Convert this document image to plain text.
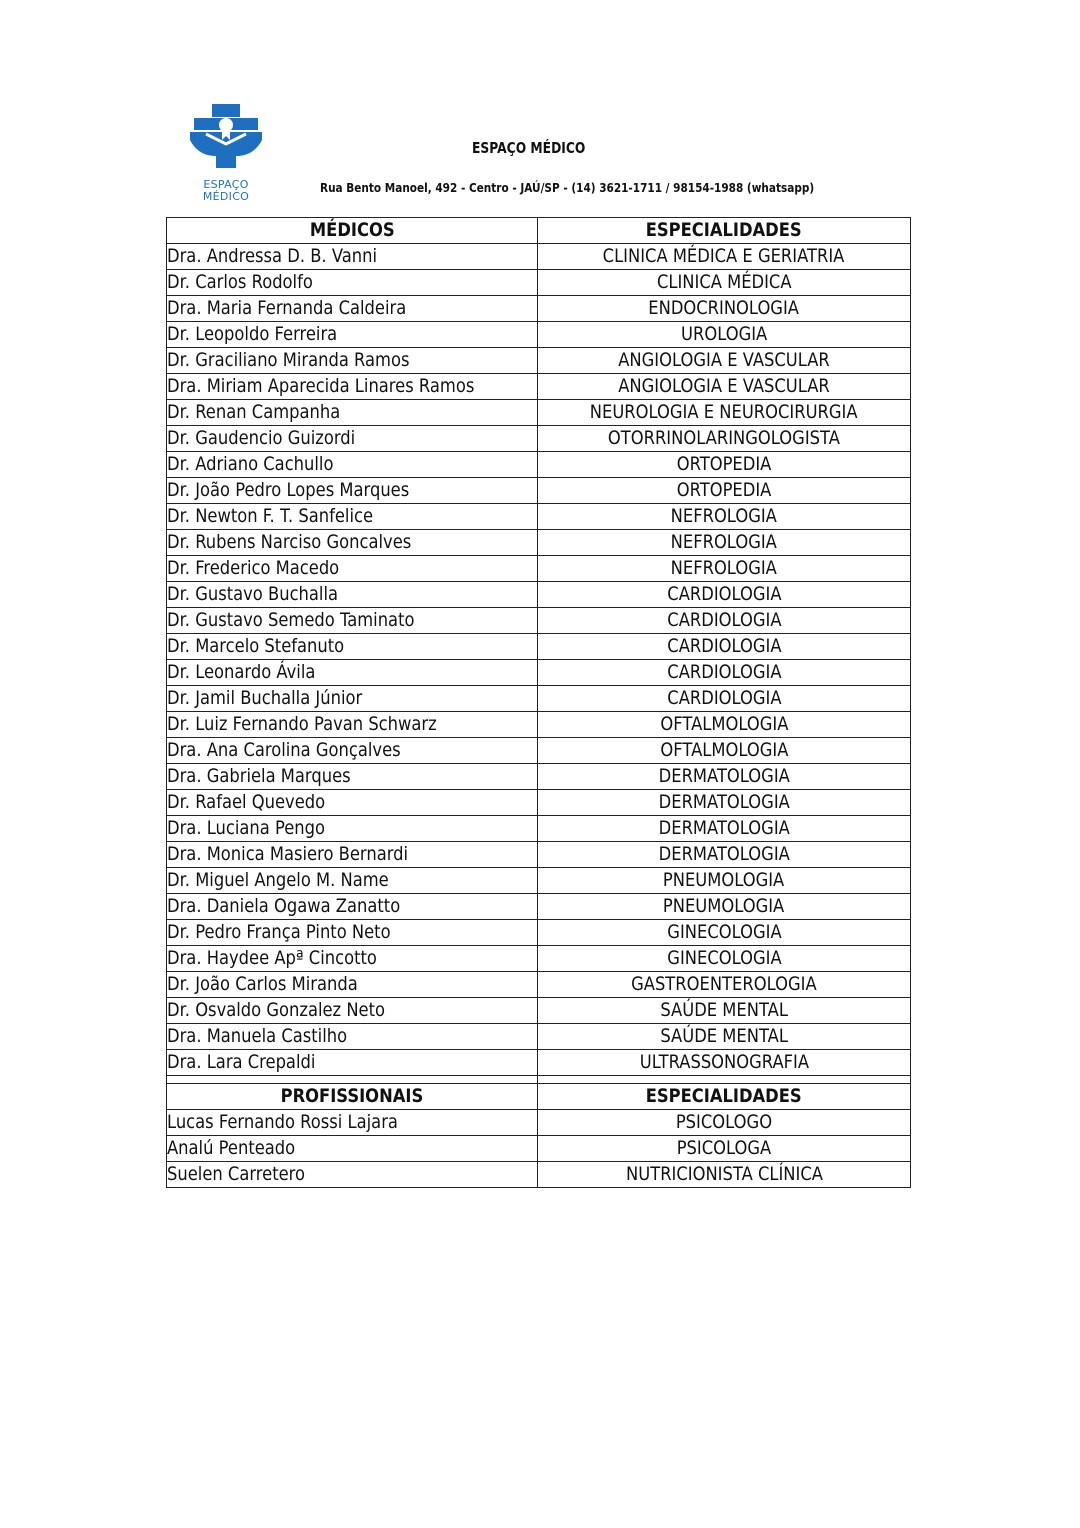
ESPAÇO
MÉDICO
ESPAÇO MÉDICO
Rua Bento Manoel, 492 - Centro - JAÚ/SP - (14) 3621-1711 / 98154-1988 (whatsapp)
MÉDICOS	ESPECIALIDADES
Dra. Andressa D. B. Vanni	CLINICA MÉDICA E GERIATRIA
Dr. Carlos Rodolfo	CLINICA MÉDICA
Dra. Maria Fernanda Caldeira	ENDOCRINOLOGIA
Dr. Leopoldo Ferreira	UROLOGIA
Dr. Graciliano Miranda Ramos	ANGIOLOGIA E VASCULAR
Dra. Miriam Aparecida Linares Ramos	ANGIOLOGIA E VASCULAR
Dr. Renan Campanha	NEUROLOGIA E NEUROCIRURGIA
Dr. Gaudencio Guizordi	OTORRINOLARINGOLOGISTA
Dr. Adriano Cachullo	ORTOPEDIA
Dr. João Pedro Lopes Marques	ORTOPEDIA
Dr. Newton F. T. Sanfelice	NEFROLOGIA
Dr. Rubens Narciso Goncalves	NEFROLOGIA
Dr. Frederico Macedo	NEFROLOGIA
Dr. Gustavo Buchalla	CARDIOLOGIA
Dr. Gustavo Semedo Taminato	CARDIOLOGIA
Dr. Marcelo Stefanuto	CARDIOLOGIA
Dr. Leonardo Ávila	CARDIOLOGIA
Dr. Jamil Buchalla Júnior	CARDIOLOGIA
Dr. Luiz Fernando Pavan Schwarz	OFTALMOLOGIA
Dra. Ana Carolina Gonçalves	OFTALMOLOGIA
Dra. Gabriela Marques	DERMATOLOGIA
Dr. Rafael Quevedo	DERMATOLOGIA
Dra. Luciana Pengo	DERMATOLOGIA
Dra. Monica Masiero Bernardi	DERMATOLOGIA
Dr. Miguel Angelo M. Name	PNEUMOLOGIA
Dra. Daniela Ogawa Zanatto	PNEUMOLOGIA
Dr. Pedro França Pinto Neto	GINECOLOGIA
Dra. Haydee Apª Cincotto	GINECOLOGIA
Dr. João Carlos Miranda	GASTROENTEROLOGIA
Dr. Osvaldo Gonzalez Neto	SAÚDE MENTAL
Dra. Manuela Castilho	SAÚDE MENTAL
Dra. Lara Crepaldi	ULTRASSONOGRAFIA

PROFISSIONAIS	ESPECIALIDADES
Lucas Fernando Rossi Lajara	PSICOLOGO
Analú Penteado	PSICOLOGA
Suelen Carretero	NUTRICIONISTA CLÍNICA
